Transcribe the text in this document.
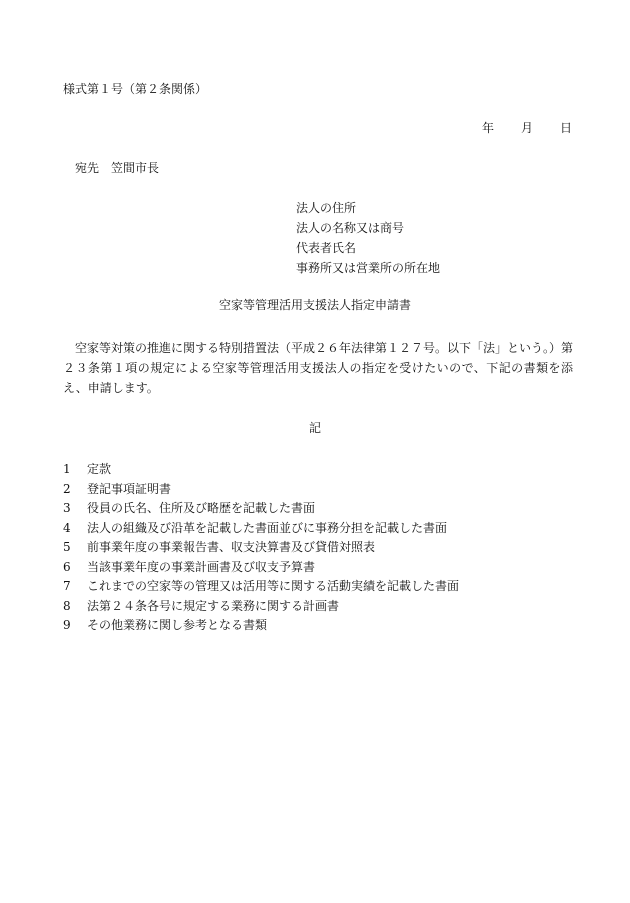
様式第１号（第２条関係）
年 月 日
宛先 笠間市長
法人の住所
法人の名称又は商号
代表者氏名
事務所又は営業所の所在地
空家等管理活用支援法人指定申請書
空家等対策の推進に関する特別措置法（平成２６年法律第１２７号。以下「法」という。）第２３条第１項の規定による空家等管理活用支援法人の指定を受けたいので、下記の書類を添え、申請します。
記
1	定款
2	登記事項証明書
3	役員の氏名、住所及び略歴を記載した書面
4	法人の組織及び沿革を記載した書面並びに事務分担を記載した書面
5	前事業年度の事業報告書、収支決算書及び貸借対照表
6	当該事業年度の事業計画書及び収支予算書
7	これまでの空家等の管理又は活用等に関する活動実績を記載した書面
8	法第２４条各号に規定する業務に関する計画書
9	その他業務に関し参考となる書類
